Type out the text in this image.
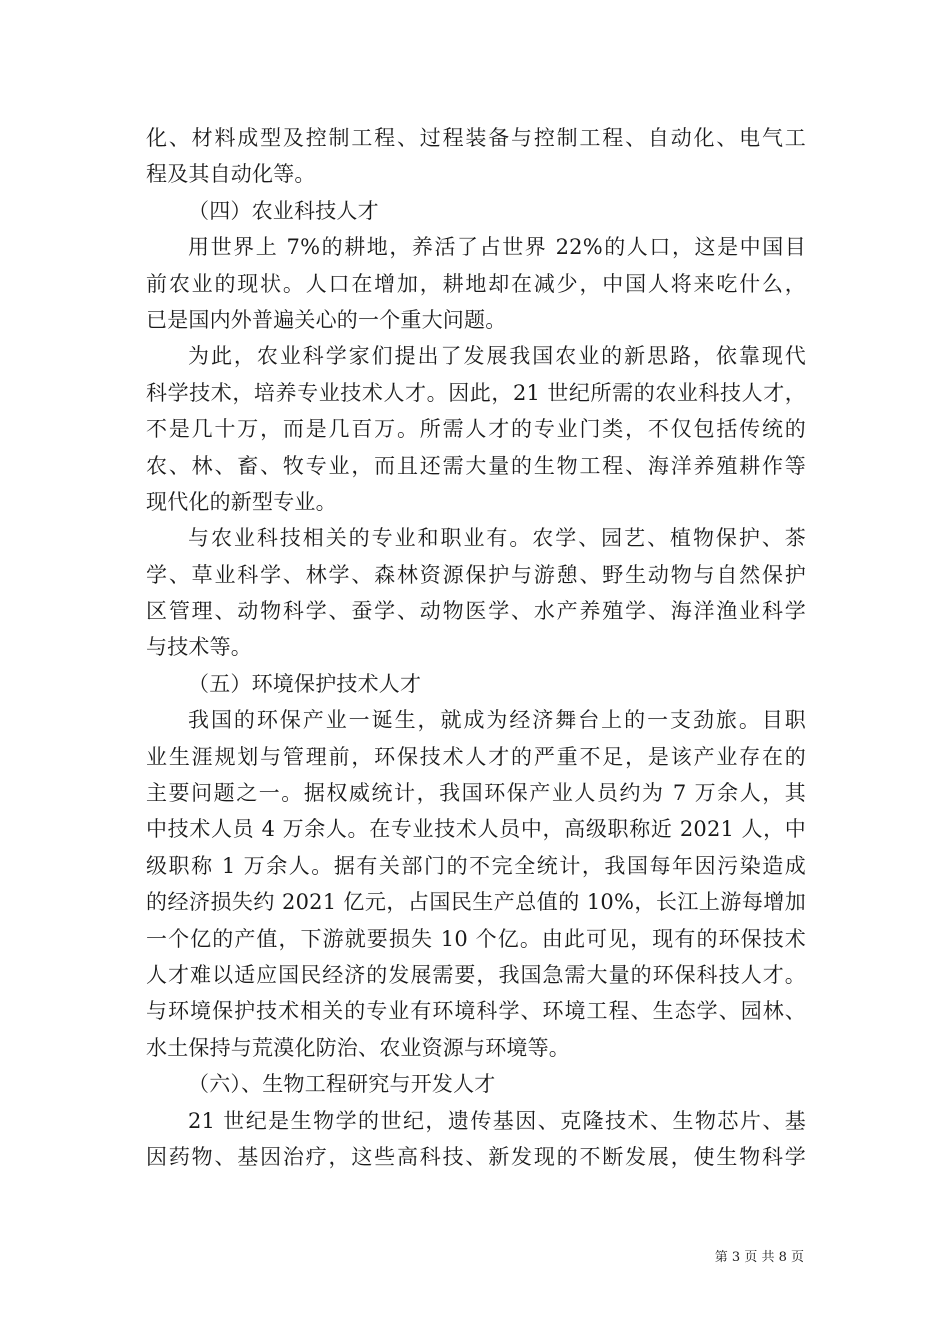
化、材料成型及控制工程、过程装备与控制工程、自动化、电气工
程及其自动化等。
（四）农业科技人才
用世界上 7%的耕地，养活了占世界 22%的人口，这是中国目
前农业的现状。人口在增加，耕地却在减少，中国人将来吃什么，
已是国内外普遍关心的一个重大问题。
为此，农业科学家们提出了发展我国农业的新思路，依靠现代
科学技术，培养专业技术人才。因此，21 世纪所需的农业科技人才，
不是几十万，而是几百万。所需人才的专业门类，不仅包括传统的
农、林、畜、牧专业，而且还需大量的生物工程、海洋养殖耕作等
现代化的新型专业。
与农业科技相关的专业和职业有。农学、园艺、植物保护、茶
学、草业科学、林学、森林资源保护与游憩、野生动物与自然保护
区管理、动物科学、蚕学、动物医学、水产养殖学、海洋渔业科学
与技术等。
（五）环境保护技术人才
我国的环保产业一诞生，就成为经济舞台上的一支劲旅。目职
业生涯规划与管理前，环保技术人才的严重不足，是该产业存在的
主要问题之一。据权威统计，我国环保产业人员约为 7 万余人，其
中技术人员 4 万余人。在专业技术人员中，高级职称近 2021 人，中
级职称 1 万余人。据有关部门的不完全统计，我国每年因污染造成
的经济损失约 2021 亿元，占国民生产总值的 10%，长江上游每增加
一个亿的产值，下游就要损失 10 个亿。由此可见，现有的环保技术
人才难以适应国民经济的发展需要，我国急需大量的环保科技人才。
与环境保护技术相关的专业有环境科学、环境工程、生态学、园林、
水土保持与荒漠化防治、农业资源与环境等。
（六）、生物工程研究与开发人才
21 世纪是生物学的世纪，遗传基因、克隆技术、生物芯片、基
因药物、基因治疗，这些高科技、新发现的不断发展，使生物科学
第 3 页 共 8 页
